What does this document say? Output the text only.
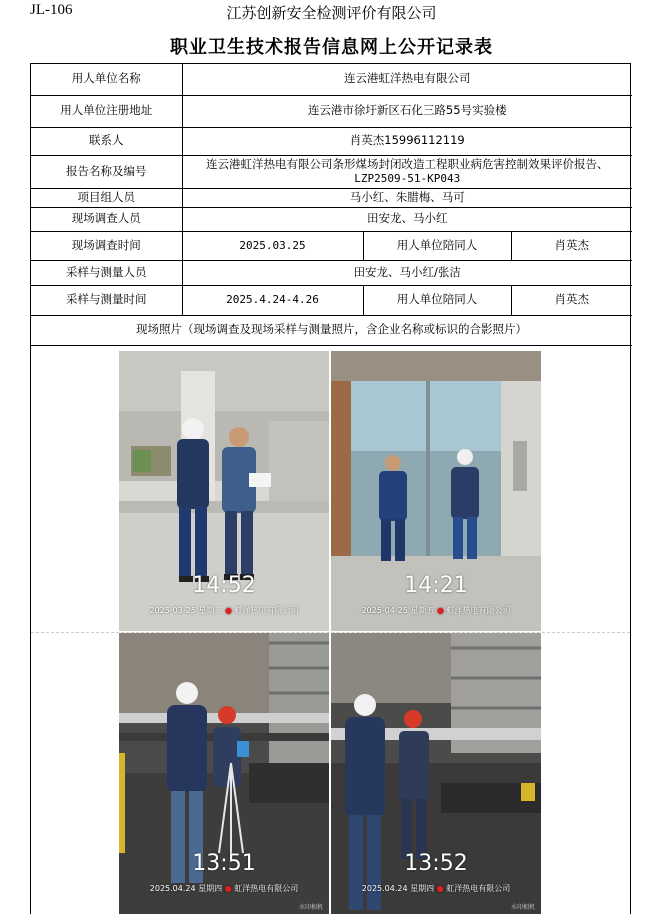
JL-106	江苏创新安全检测评价有限公司
职业卫生技术报告信息网上公开记录表
用人单位名称	连云港虹洋热电有限公司		
用人单位注册地址	连云港市徐圩新区石化三路55号实验楼		
联系人	肖英杰15996112119		
报告名称及编号	连云港虹洋热电有限公司条形煤场封闭改造工程职业病危害控制效果评价报告、
LZP2509-51-KP043		

项目组人员	马小红、朱腊梅、马可		
现场调查人员	田安龙、马小红		
现场调查时间	2025.03.25	用人单位陪同人	肖英杰
采样与测量人员	田安龙、马小红/张洁		
采样与测量时间	2025.4.24-4.26	用人单位陪同人	肖英杰
现场照片（现场调查及现场采样与测量照片，含企业名称或标识的合影照片）			
14:52
2025-03-25 星期二 ● 虹洋热电有限公司
14:21
2025-04-25 星期五 ● 虹洋热电有限公司
13:51
2025.04.24 星期四 ● 虹洋热电有限公司
水印相机
13:52
2025.04.24 星期四 ● 虹洋热电有限公司
水印相机
